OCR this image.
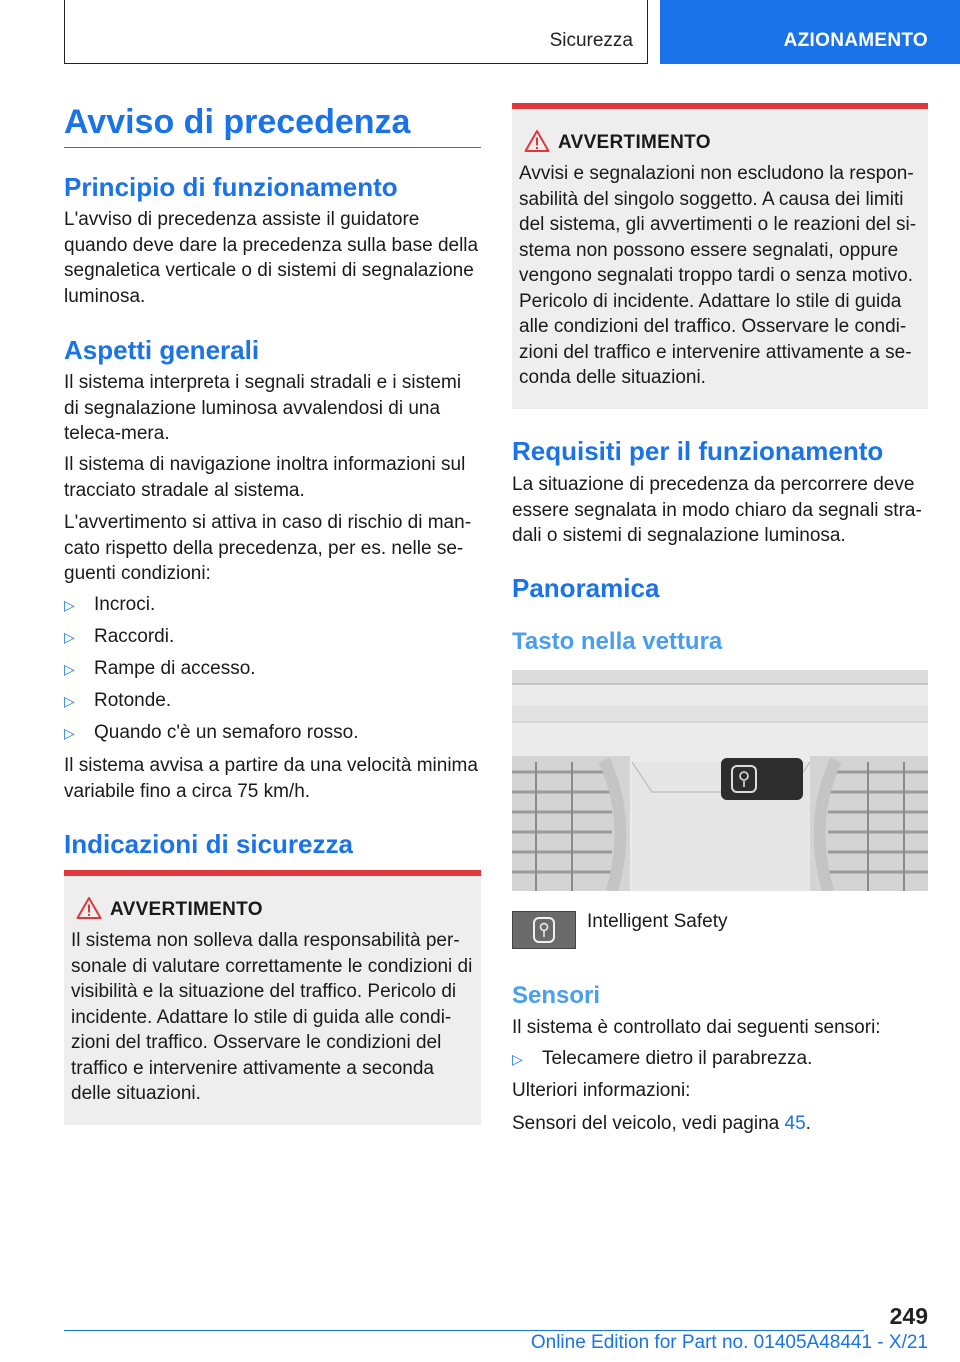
Sicurezza	AZIONAMENTO
Avviso di precedenza
Principio di funzionamento

L'avviso di precedenza assiste il guidatore quando deve dare la precedenza sulla base della segnaletica verticale o di sistemi di segnalazione luminosa.

Aspetti generali

Il sistema interpreta i segnali stradali e i sistemi di segnalazione luminosa avvalendosi di una teleca-mera.

Il sistema di navigazione inoltra informazioni sul tracciato stradale al sistema.

L'avvertimento si attiva in caso di rischio di man-cato rispetto della precedenza, per es. nelle se-guenti condizioni:

▷ Incroci.
▷ Raccordi.
▷ Rampe di accesso.
▷ Rotonde.
▷ Quando c'è un semaforo rosso.

Il sistema avvisa a partire da una velocità minima variabile fino a circa 75 km/h.

Indicazioni di sicurezza
AVVERTIMENTO
Il sistema non solleva dalla responsabilità per-sonale di valutare correttamente le condizioni di visibilità e la situazione del traffico. Pericolo di incidente. Adattare lo stile di guida alle condi-zioni del traffico. Osservare le condizioni del traffico e intervenire attivamente a seconda delle situazioni.
AVVERTIMENTO
Avvisi e segnalazioni non escludono la respon-sabilità del singolo soggetto. A causa dei limiti del sistema, gli avvertimenti o le reazioni del si-stema non possono essere segnalati, oppure vengono segnalati troppo tardi o senza motivo. Pericolo di incidente. Adattare lo stile di guida alle condizioni del traffico. Osservare le condi-zioni del traffico e intervenire attivamente a se-conda delle situazioni.
Requisiti per il funzionamento

La situazione di precedenza da percorrere deve essere segnalata in modo chiaro da segnali stra-dali o sistemi di segnalazione luminosa.

Panoramica
Tasto nella vettura

Intelligent Safety

Sensori

Il sistema è controllato dai seguenti sensori:

▷ Telecamere dietro il parabrezza.

Ulteriori informazioni:

Sensori del veicolo, vedi pagina 45.

249
Online Edition for Part no. 01405A48441 - X/21
